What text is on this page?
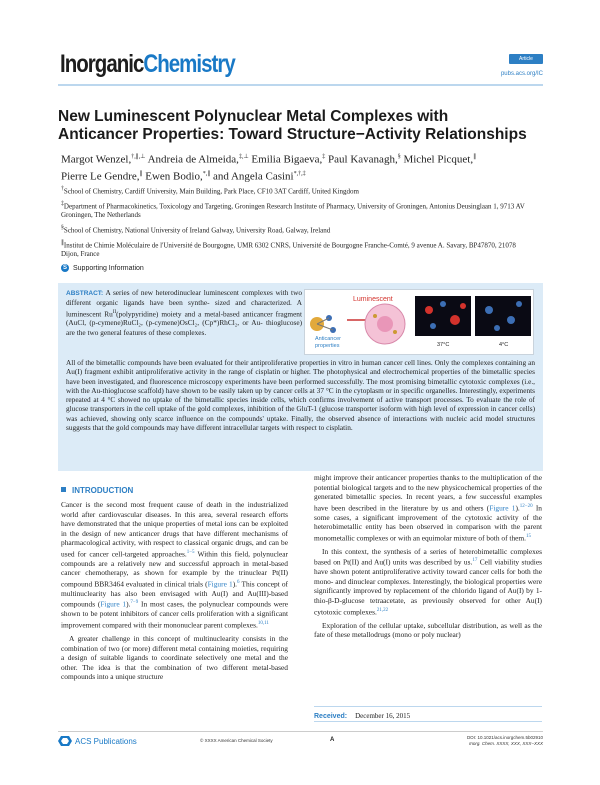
InorganicChemistry	Article
pubs.acs.org/IC
New Luminescent Polynuclear Metal Complexes with Anticancer Properties: Toward Structure−Activity Relationships
Margot Wenzel,†,∥,⊥ Andreia de Almeida,‡,⊥ Emilia Bigaeva,‡ Paul Kavanagh,§ Michel Picquet,∥
Pierre Le Gendre,∥ Ewen Bodio,*,∥ and Angela Casini*,†,‡
†School of Chemistry, Cardiff University, Main Building, Park Place, CF10 3AT Cardiff, United Kingdom
‡Department of Pharmacokinetics, Toxicology and Targeting, Groningen Research Institute of Pharmacy, University of Groningen, Antonius Deusinglaan 1, 9713 AV Groningen, The Netherlands
§School of Chemistry, National University of Ireland Galway, University Road, Galway, Ireland
∥Institut de Chimie Moléculaire de l'Université de Bourgogne, UMR 6302 CNRS, Université de Bourgogne Franche-Comté, 9 avenue A. Savary, BP47870, 21078 Dijon, France
S Supporting Information
ABSTRACT: A series of new heterodinuclear luminescent complexes with two different organic ligands have been synthe- sized and characterized. A luminescent $Ru^{II}(polypyridine)$ moiety and a metal-based anticancer fragment (AuCl, (p-cymene)RuCl₂, (p-cymene)OsCl₂, (Cp*)RhCl₂, or Au- thioglucose) are the two general features of these complexes.
All of the bimetallic compounds have been evaluated for their antiproliferative properties in vitro in human cancer cell lines. Only the complexes containing an Au(I) fragment exhibit antiproliferative activity in the range of cisplatin or higher. The photophysical and electrochemical properties of the bimetallic species have been investigated, and fluorescence microscopy experiments have been performed successfully. The most promising bimetallic cytotoxic complexes (i.e., with the Au-thioglucose scaffold) have shown to be easily taken up by cancer cells at 37 °C in the cytoplasm or in specific organelles. Interestingly, experiments repeated at 4 °C showed no uptake of the bimetallic species inside cells, which confirms involvement of active transport processes. To evaluate the role of glucose transporters in the cell uptake of the gold complexes, inhibition of the GluT-1 (glucose transporter isoform with high level of expression in cancer cells) was achieved, showing only scarce influence on the compounds' uptake. Finally, the observed absence of interactions with nucleic acid model structures suggests that the gold compounds may have different intracellular targets with respect to cisplatin.
Luminescent
Anticancer
properties	37°C	4°C
INTRODUCTION

Cancer is the second most frequent cause of death in the industrialized world after cardiovascular diseases. In this area, several research efforts have demonstrated that the unique properties of metal ions can be exploited in the design of new anticancer drugs that have different mechanisms of pharmacological activity, with respect to classical organic drugs, and can be used for cancer cell-targeted approaches.$^{1-5}$ Within this field, polynuclear compounds are a relatively new and successful approach in metal-based cancer chemotherapy, as shown for example by the trinuclear Pt(II) compound BBR3464 evaluated in clinical trials (Figure 1).$^6$ This concept of multinuclearity has also been envisaged with Au(I) and Au(III)-based compounds (Figure 1).$^{7-9}$ In most cases, the polynuclear compounds were shown to be potent inhibitors of cancer cells proliferation with a significant improvement compared with their mononuclear parent complexes.$^{10,11}$

A greater challenge in this concept of multinuclearity consists in the combination of two (or more) different metal containing moieties, requiring a design of suitable ligands to coordinate selectively one metal and the other. The idea is that the combination of two different metal-based compounds into a unique structure

might improve their anticancer properties thanks to the multiplication of the potential biological targets and to the new physicochemical properties of the generated bimetallic species. In recent years, a few successful examples have been described in the literature by us and others (Figure 1).$^{12-20}$ In some cases, a significant improvement of the cytotoxic activity of the heterobimetallic entity has been observed in comparison with the parent monometallic complexes or with an equimolar mixture of both of them.$^{15}$

In this context, the synthesis of a series of heterobimetallic complexes based on Pt(II) and Au(I) units was described by us.$^{17}$ Cell viability studies have shown potent antiproliferative activity toward cancer cells for both the mono- and dinuclear complexes. Interestingly, the biological properties were significantly improved by replacement of the chlorido ligand of Au(I) by 1-thio-β-D-glucose tetraacetate, as previously observed for other Au(I) cytotoxic complexes.$^{21,22}$

Exploration of the cellular uptake, subcellular distribution, as well as the fate of these metallodrugs (mono or poly nuclear)

Received: December 16, 2015
ACS Publications	© XXXX American Chemical Society	A	DOI: 10.1021/acs.inorgchem.5b02910
Inorg. Chem. XXXX, XXX, XXX−XXX
